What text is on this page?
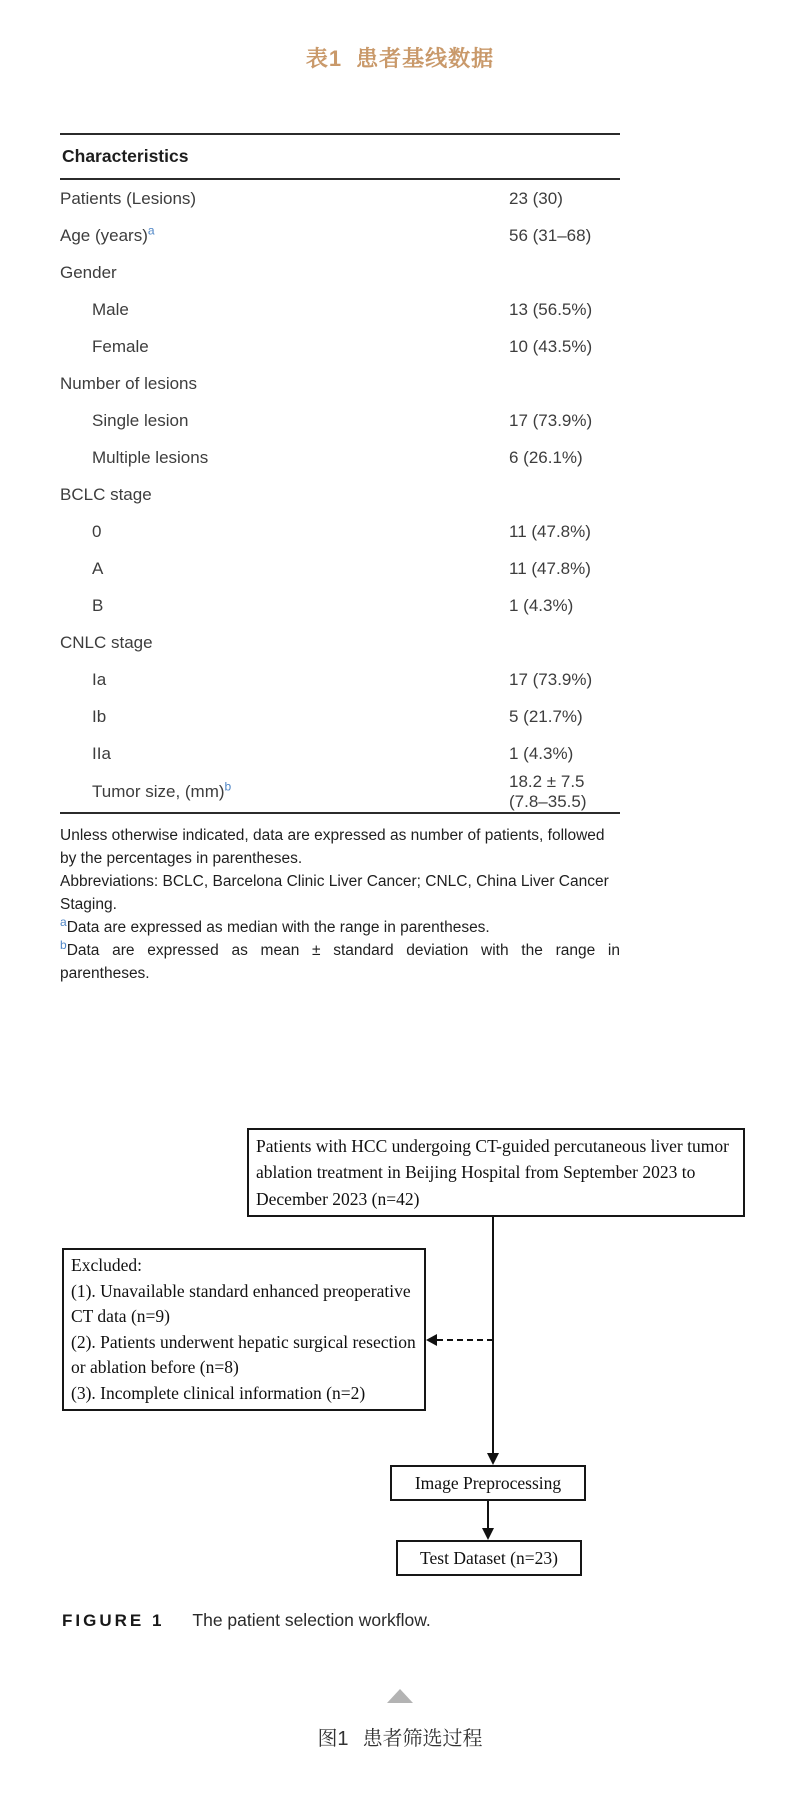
表1 患者基线数据
Characteristics	
Patients (Lesions)	23 (30)
Age (years)$^a$	56 (31–68)
Gender	
Male	13 (56.5%)
Female	10 (43.5%)
Number of lesions	
Single lesion	17 (73.9%)
Multiple lesions	6 (26.1%)
BCLC stage	
0	11 (47.8%)
A	11 (47.8%)
B	1 (4.3%)
CNLC stage	
Ia	17 (73.9%)
Ib	5 (21.7%)
IIa	1 (4.3%)
Tumor size, (mm)$^b$	18.2 ± 7.5 (7.8–35.5)

Unless otherwise indicated, data are expressed as number of patients, followed by the percentages in parentheses.

Abbreviations: BCLC, Barcelona Clinic Liver Cancer; CNLC, China Liver Cancer Staging.

$^a$Data are expressed as median with the range in parentheses.

$^b$Data are expressed as mean ± standard deviation with the range in parentheses.

Patients with HCC undergoing CT-guided percutaneous liver tumor ablation treatment in Beijing Hospital from September 2023 to December 2023 (n=42)
Excluded:
(1). Unavailable standard enhanced preoperative CT data (n=9)
(2). Patients underwent hepatic surgical resection or ablation before (n=8)
(3). Incomplete clinical information (n=2)
Image Preprocessing
Test Dataset (n=23)

FIGURE 1 The patient selection workflow.

图1 患者筛选过程
